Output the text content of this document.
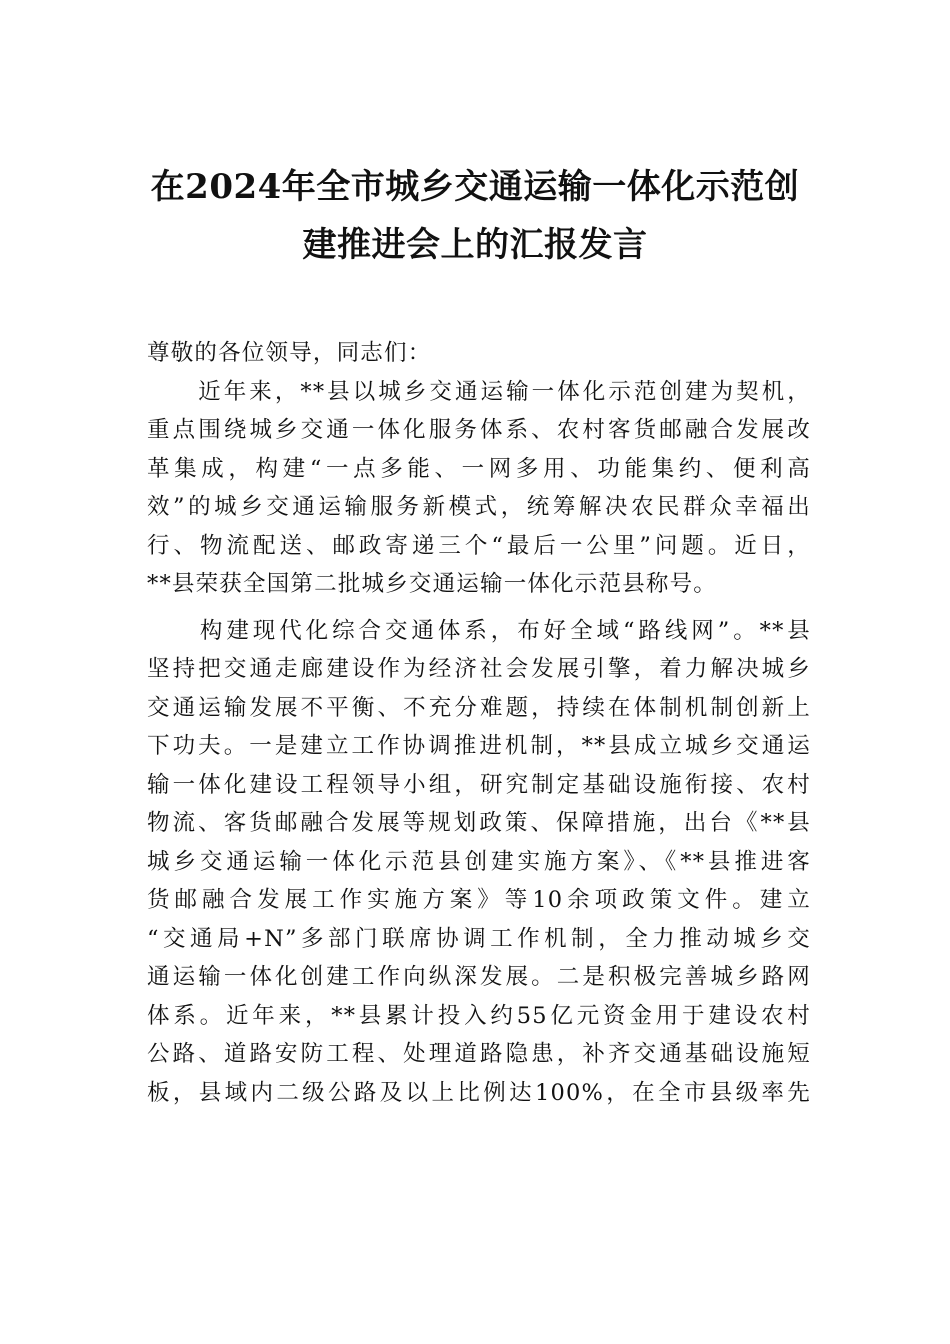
在2024年全市城乡交通运输一体化示范创
建推进会上的汇报发言
尊敬的各位领导，同志们：
　　近年来，**县以城乡交通运输一体化示范创建为契机，
重点围绕城乡交通一体化服务体系、农村客货邮融合发展改
革集成，构建“一点多能、一网多用、功能集约、便利高
效”的城乡交通运输服务新模式，统筹解决农民群众幸福出
行、物流配送、邮政寄递三个“最后一公里”问题。近日，
**县荣获全国第二批城乡交通运输一体化示范县称号。
　　构建现代化综合交通体系，布好全域“路线网”。**县
坚持把交通走廊建设作为经济社会发展引擎，着力解决城乡
交通运输发展不平衡、不充分难题，持续在体制机制创新上
下功夫。一是建立工作协调推进机制，**县成立城乡交通运
输一体化建设工程领导小组，研究制定基础设施衔接、农村
物流、客货邮融合发展等规划政策、保障措施，出台《**县
城乡交通运输一体化示范县创建实施方案》、《**县推进客
货邮融合发展工作实施方案》等10余项政策文件。建立
“交通局+N”多部门联席协调工作机制，全力推动城乡交
通运输一体化创建工作向纵深发展。二是积极完善城乡路网
体系。近年来，**县累计投入约55亿元资金用于建设农村
公路、道路安防工程、处理道路隐患，补齐交通基础设施短
板，县域内二级公路及以上比例达100%，在全市县级率先
